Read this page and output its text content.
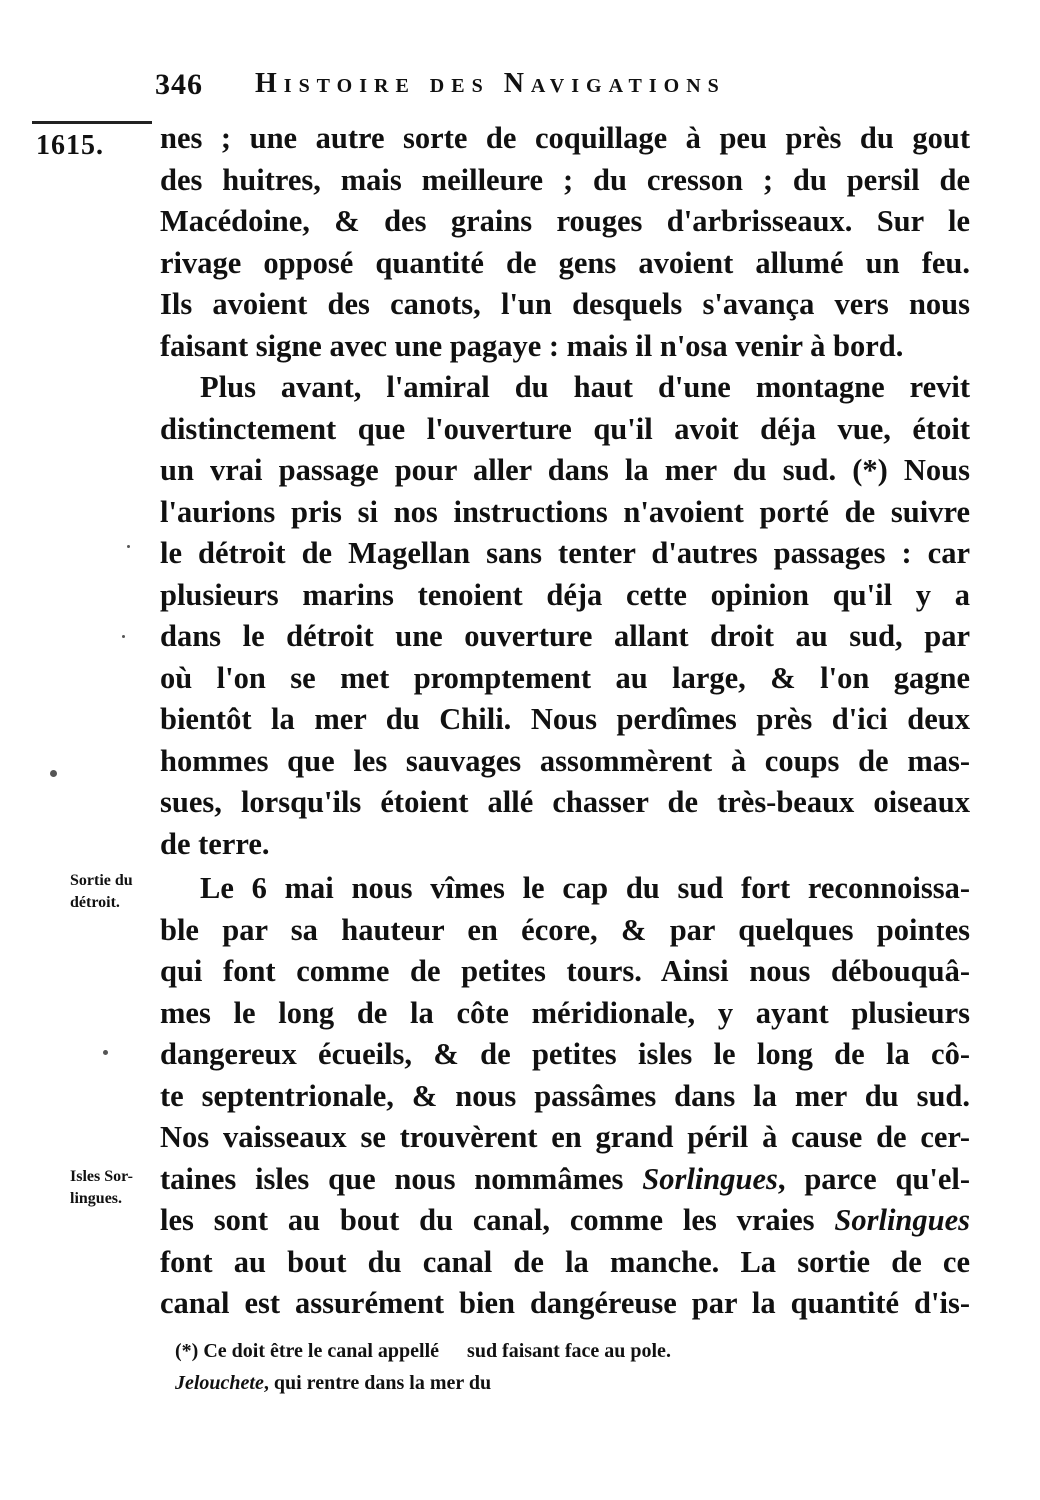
346 Histoire des Navigations
1615. nes ; une autre sorte de coquillage à peu près du gout
des huitres, mais meilleure ; du cresson ; du persil de
Macédoine, & des grains rouges d'arbrisseaux. Sur le
rivage opposé quantité de gens avoient allumé un feu.
Ils avoient des canots, l'un desquels s'avança vers nous
faisant signe avec une pagaye : mais il n'osa venir à bord.
Plus avant, l'amiral du haut d'une montagne revit
distinctement que l'ouverture qu'il avoit déja vue, étoit
un vrai passage pour aller dans la mer du sud. (*) Nous
l'aurions pris si nos instructions n'avoient porté de suivre
le détroit de Magellan sans tenter d'autres passages : car
plusieurs marins tenoient déja cette opinion qu'il y a
dans le détroit une ouverture allant droit au sud, par
où l'on se met promptement au large, & l'on gagne
bientôt la mer du Chili. Nous perdîmes près d'ici deux
hommes que les sauvages assommèrent à coups de mas-
sues, lorsqu'ils étoient allé chasser de très-beaux oiseaux
de terre.
Le 6 mai nous vîmes le cap du sud fort reconnoissa-
ble par sa hauteur en écore, & par quelques pointes
qui font comme de petites tours. Ainsi nous débouquâ-
mes le long de la côte méridionale, y ayant plusieurs
dangereux écueils, & de petites isles le long de la cô-
te septentrionale, & nous passâmes dans la mer du sud.
Nos vaisseaux se trouvèrent en grand péril à cause de cer-
taines isles que nous nommâmes Sorlingues, parce qu'el-
les sont au bout du canal, comme les vraies Sorlingues
font au bout du canal de la manche. La sortie de ce
canal est assurément bien dangéreuse par la quantité d'is-
Sortie du
détroit.
Isles Sor-
lingues.
(*) Ce doit être le canal appellé sud faisant face au pole.
Jelouchete, qui rentre dans la mer du
